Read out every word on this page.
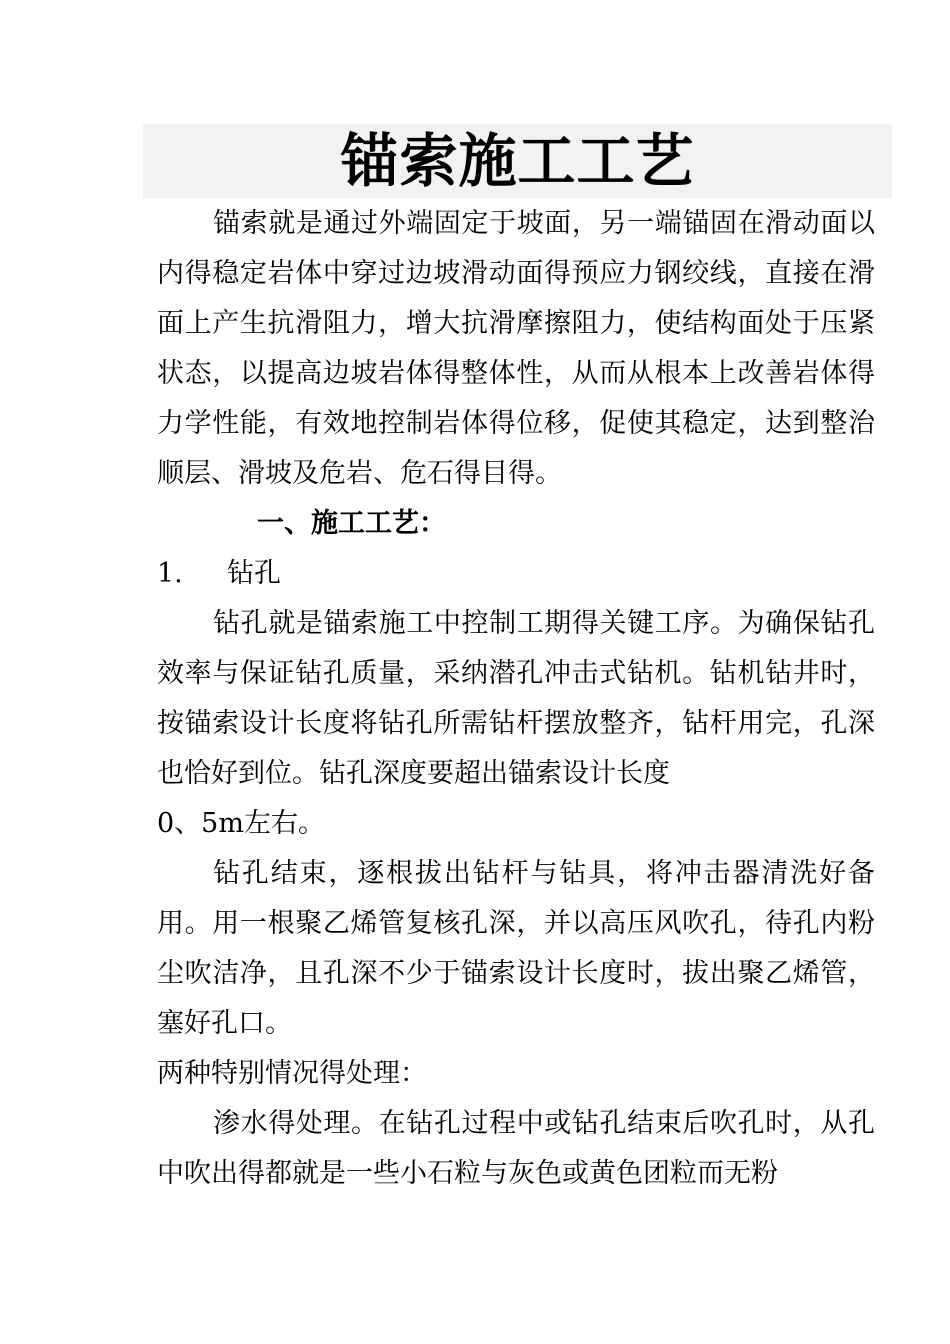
锚索施工工艺

锚索就是通过外端固定于坡面，另一端锚固在滑动面以内得稳定岩体中穿过边坡滑动面得预应力钢绞线，直接在滑面上产生抗滑阻力，增大抗滑摩擦阻力，使结构面处于压紧状态，以提高边坡岩体得整体性，从而从根本上改善岩体得力学性能，有效地控制岩体得位移，促使其稳定，达到整治顺层、滑坡及危岩、危石得目得。

一、施工工艺：

1. 钻孔

钻孔就是锚索施工中控制工期得关键工序。为确保钻孔效率与保证钻孔质量，采纳潜孔冲击式钻机。钻机钻井时，按锚索设计长度将钻孔所需钻杆摆放整齐，钻杆用完，孔深也恰好到位。钻孔深度要超出锚索设计长度

0、5m左右。

钻孔结束，逐根拔出钻杆与钻具，将冲击器清洗好备用。用一根聚乙烯管复核孔深，并以高压风吹孔，待孔内粉尘吹洁净，且孔深不少于锚索设计长度时，拔出聚乙烯管，塞好孔口。

两种特别情况得处理：

渗水得处理。在钻孔过程中或钻孔结束后吹孔时，从孔中吹出得都就是一些小石粒与灰色或黄色团粒而无粉
